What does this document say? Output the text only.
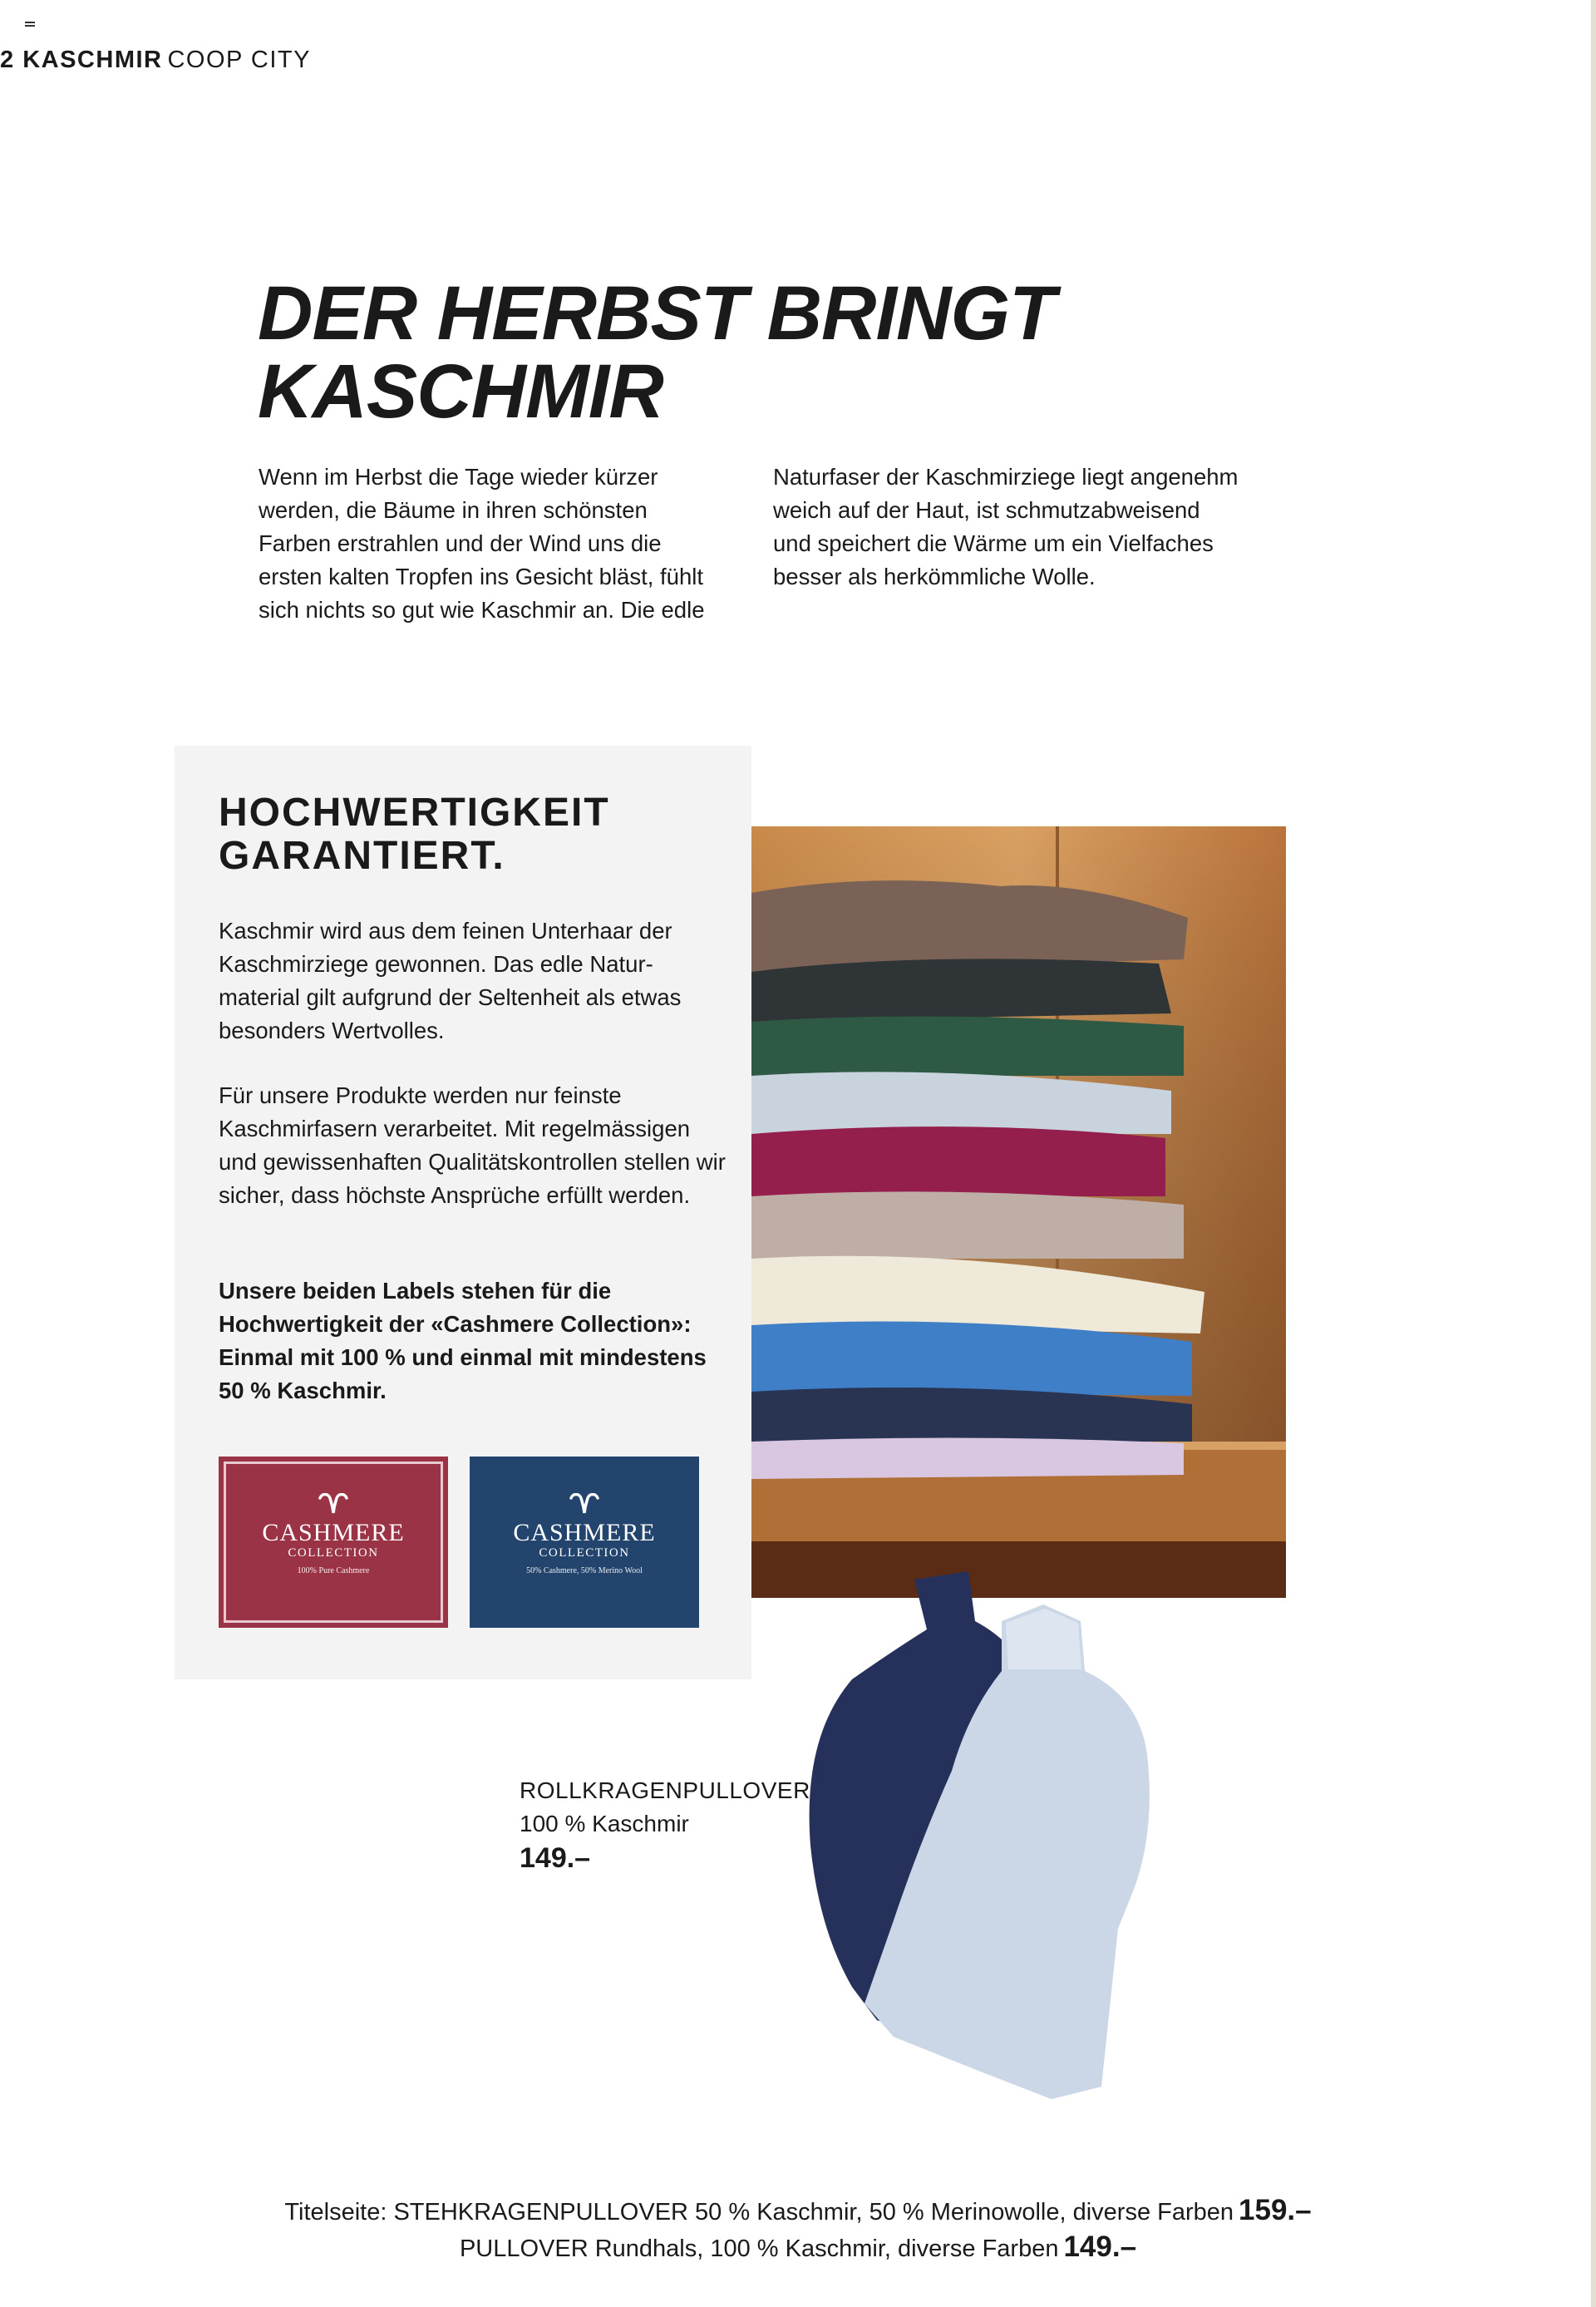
2 KASCHMIR COOP CITY
DER HERBST BRINGT
KASCHMIR

Wenn im Herbst die Tage wieder kürzer werden, die Bäume in ihren schönsten Farben erstrahlen und der Wind uns die ersten kalten Tropfen ins Gesicht bläst, fühlt sich nichts so gut wie Kaschmir an. Die edle

Naturfaser der Kaschmirziege liegt angenehm weich auf der Haut, ist schmutzabweisend und speichert die Wärme um ein Vielfaches besser als herkömmliche Wolle.

HOCHWERTIGKEIT
GARANTIERT.

Kaschmir wird aus dem feinen Unterhaar der Kaschmirziege gewonnen. Das edle Naturmaterial gilt aufgrund der Seltenheit als etwas besonders Wertvolles.

Für unsere Produkte werden nur feinste Kaschmirfasern verarbeitet. Mit regelmässigen und gewissenhaften Qualitätskontrollen stellen wir sicher, dass höchste Ansprüche erfüllt werden.

Unsere beiden Labels stehen für die Hochwertigkeit der «Cashmere Collection»: Einmal mit 100 % und einmal mit mindestens 50 % Kaschmir.

CASHMERE
COLLECTION
100% Pure Cashmere
CASHMERE
COLLECTION
50% Cashmere, 50% Merino Wool
ROLLKRAGENPULLOVER
100 % Kaschmir
149.–
Titelseite: STEHKRAGENPULLOVER 50 % Kaschmir, 50 % Merinowolle, diverse Farben 159.–
PULLOVER Rundhals, 100 % Kaschmir, diverse Farben 149.–
